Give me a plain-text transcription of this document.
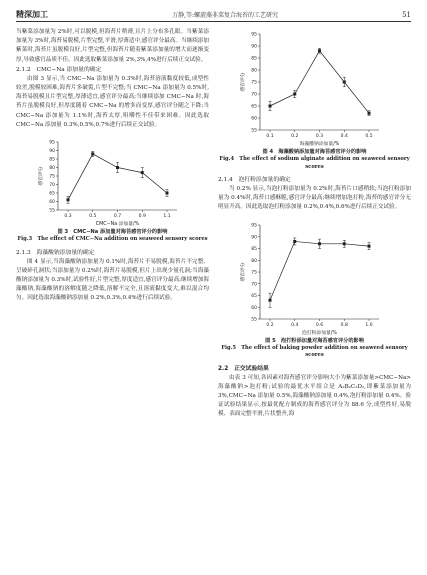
精深加工	万静,等:螺旋藻韭菜复合海苔的工艺研究	51

当紫菜添加量为 2%时,可以脱模,但海苔片稍薄,且片上分布多孔眼。当紫菜添加量为 3%时,海苔易脱模,片型完整,平滑,厚薄适中,感官评分最高。当继续添加紫菜时,海苔片虽脱模良好,片型完整,但海苔片随着紫菜添加量的增大而逐渐变厚,导致感官品质不佳。因此选取紫菜添加量 2%,3%,4%进行后续正交试验。

2.1.2　CMC−Na 添加量的确定

由图 3 显示,当 CMC−Na 添加量为 0.3%时,海苔溶液黏度较低,成型性较差,脱模较困难,海苔片多破裂,片型不完整;当 CMC−Na 添加量为 0.5%时,海苔易脱模且片型完整,厚薄适宜,感官评分最高;当继续添加 CMC−Na 时,海苔片虽脱模良好,但厚度随着 CMC−Na 的增多而变厚,感官评分随之下降;当 CMC−Na 添加量为 1.1%时,海苔太厚,咀嚼性不佳带来困难。因此选取 CMC−Na 添加量 0.3%,0.5%,0.7%进行后续正交试验。

55
60
65
70
75
80
85
90
95
0.3	0.5	0.7	0.9	1.1
CMC−Na 添加量/%
感官评分
图 3　CMC−Na 添加量对海苔感官评分的影响
Fig.3　The effect of CMC−Na addition on seaweed sensory scores
2.1.3　海藻酸钠添加量的确定

图 4 显示,当海藻酸钠添加量为 0.1%时,海苔片不易脱模,海苔片不完整、呈破碎孔洞状;当添加量为 0.2%时,海苔片易脱模,但片上出现少量孔洞;当海藻酸钠添加量为 0.3%时,试验性好,片型完整,厚度适宜,感官评分最高;继续增加海藻酸钠,海藻酸钠的溶解度随之降低,溶解不完全,且溶液黏度变大,难以混合均匀。因此选取海藻酸钠添加量 0.2%,0.3%,0.4%进行后续试验。

55
60
65
70
75
80
85
90
95
0.1	0.2	0.3	0.4	0.5
海藻酸钠添加量/%
感官评分
图 4　海藻酸钠添加量对海苔感官评分的影响
Fig.4　The effect of sodium alginate addition on seaweed sensory scores
2.1.4　泡打粉添加量的确定

当 0.2% 显示,当泡打粉添加量为 0.2%时,海苔片口感稍软;当泡打粉添加量为 0.4%时,海苔口感酥脆,感官评分最高;继续增加泡打粉,海苔的感官评分无明显升高。因此选取泡打粉添加量 0.2%,0.4%,0.6%进行后续正交试验。

55
60
65
70
75
80
85
90
95
0.2	0.4	0.6	0.8	1.0
泡打粉添加量/%
感官评分
图 5　泡打粉添加量对海苔感官评分的影响
Fig.5　The effect of baking powder addition on seaweed sensory scores
2.2　正交试验结果

由表 3 可知,各因素对海苔感官评分影响大小为紫菜添加量>CMC−Na>海藻酸钠>泡打粉;试验的最优水平组合是 A₂B₂C₃D₂,即紫菜添加量为 3%,CMC−Na 添加量 0.5%,海藻酸钠添加量 0.4%,泡打粉添加量 0.4%。验证试验结果显示,按最优配方制成的海苔感官评分为 88.6 分,成型性好,易脱模、表面完整平滑,片状整齐,海
